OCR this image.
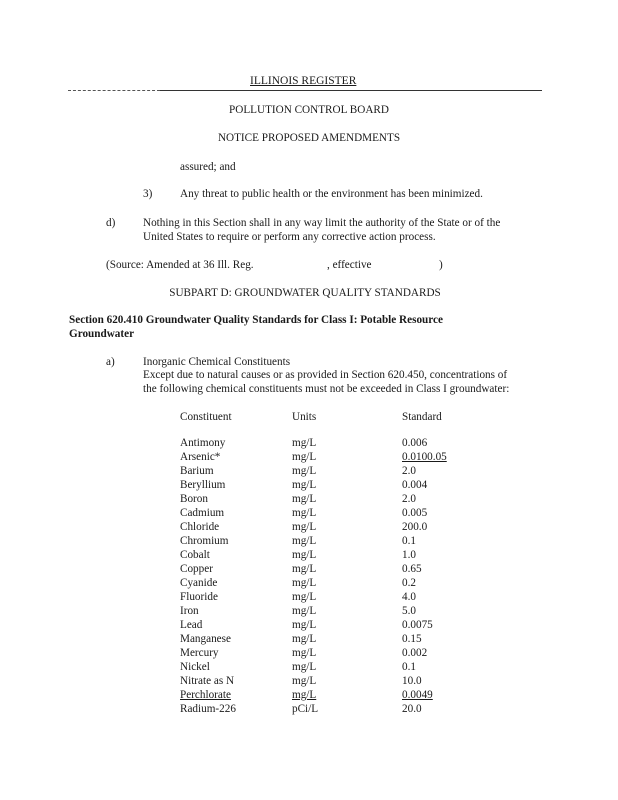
ILLINOIS REGISTER
POLLUTION CONTROL BOARD
NOTICE PROPOSED AMENDMENTS
assured; and
3) Any threat to public health or the environment has been minimized.
d) Nothing in this Section shall in any way limit the authority of the State or of the
United States to require or perform any corrective action process.
(Source: Amended at 36 Ill. Reg.	, effective	)
SUBPART D: GROUNDWATER QUALITY STANDARDS
Section 620.410 Groundwater Quality Standards for Class I: Potable Resource
Groundwater
a)	Inorganic Chemical Constituents
Except due to natural causes or as provided in Section 620.450, concentrations of
the following chemical constituents must not be exceeded in Class I groundwater:
Constituent	Units	Standard
Antimony	mg/L	0.006
Arsenic*	mg/L	0.0100.05
Barium	mg/L	2.0
Beryllium	mg/L	0.004
Boron	mg/L	2.0
Cadmium	mg/L	0.005
Chloride	mg/L	200.0
Chromium	mg/L	0.1
Cobalt	mg/L	1.0
Copper	mg/L	0.65
Cyanide	mg/L	0.2
Fluoride	mg/L	4.0
Iron	mg/L	5.0
Lead	mg/L	0.0075
Manganese	mg/L	0.15
Mercury	mg/L	0.002
Nickel	mg/L	0.1
Nitrate as N	mg/L	10.0
Perchlorate	mg/L	0.0049
Radium-226	pCi/L	20.0
